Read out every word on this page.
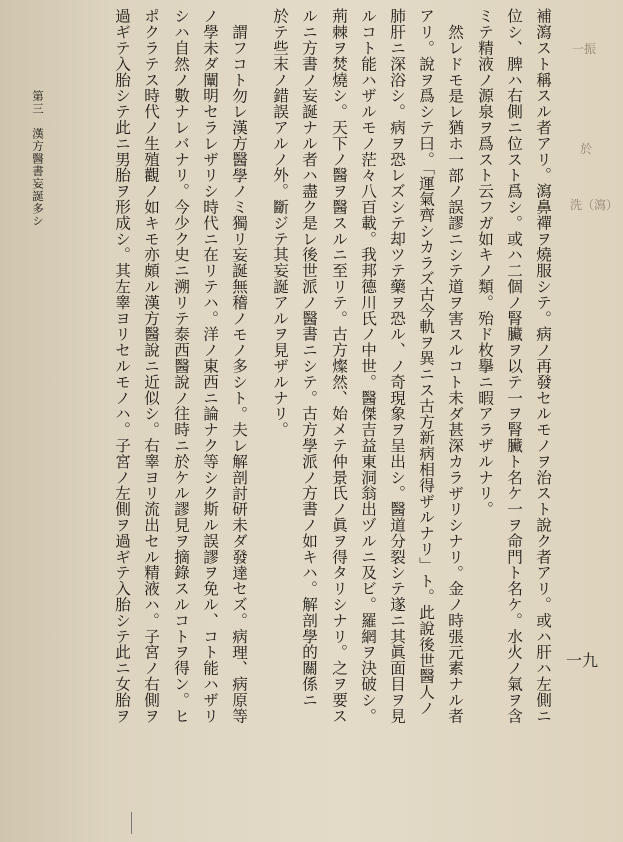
補瀉スト稱スル者アリ。瀉鼻禪ヲ燒服シテ。病ノ再發セルモノヲ治スト說ク者アリ。或ハ肝ハ左側ニ
位シ、脾ハ右側ニ位スト爲シ。或ハ二個ノ腎臟ヲ以テ一ヲ腎臟ト名ケ一ヲ命門ト名ケ。水火ノ氣ヲ含
ミテ精液ノ源泉ヲ爲スト云フガ如キノ類。殆ド枚擧ニ暇アラザルナリ。
然レドモ是レ猶ホ一部ノ誤謬ニシテ道ヲ害スルコト未ダ甚深カラザリシナリ。金ノ時張元素ナル者
アリ。說ヲ爲シテ曰。「運氣齊シカラズ古今軌ヲ異ニス古方新病相得ザルナリ」ト。此說後世醫人ノ
肺肝ニ深浴シ。病ヲ恐レズシテ却ツテ藥ヲ恐ル、ノ奇現象ヲ呈出シ。醫道分裂シテ遂ニ其眞面目ヲ見
ルコト能ハザルモノ茫々八百載。我邦德川氏ノ中世。醫傑吉益東洞翁出ヅルニ及ビ。羅網ヲ決破シ。
荊棘ヲ焚燒シ。天下ノ醫ヲ醫スルニ至リテ。古方燦然、始メテ仲景氏ノ眞ヲ得タリシナリ。之ヲ要ス
ルニ方書ノ妄誕ナル者ハ盡ク是レ後世派ノ醫書ニシテ。古方學派ノ方書ノ如キハ。解剖學的關係ニ
於テ些末ノ錯誤アルノ外。斷ジテ其妄誕アルヲ見ザルナリ。
謂フコト勿レ漢方醫學ノミ獨リ妄誕無稽ノモノ多シト。夫レ解剖討研未ダ發達セズ。病理、病原等
ノ學未ダ闡明セラレザリシ時代ニ在リテハ。洋ノ東西ニ論ナク等シク斯ル誤謬ヲ免ル、コト能ハザリ
シハ自然ノ數ナレバナリ。今少ク史ニ溯リテ泰西醫說ノ往時ニ於ケル謬見ヲ摘錄スルコトヲ得ン。ヒ
ポクラテス時代ノ生殖觀ノ如キモ亦頗ル漢方醫說ニ近似シ。右睾ヨリ流出セル精液ハ。子宮ノ右側ヲ
過ギテ入胎シテ此ニ男胎ヲ形成シ。其左睾ヨリセルモノハ。子宮ノ左側ヲ過ギテ入胎シテ此ニ女胎ヲ
第三　漢方醫書妄誕多シ
一九
一振
於
洗（瀉）
